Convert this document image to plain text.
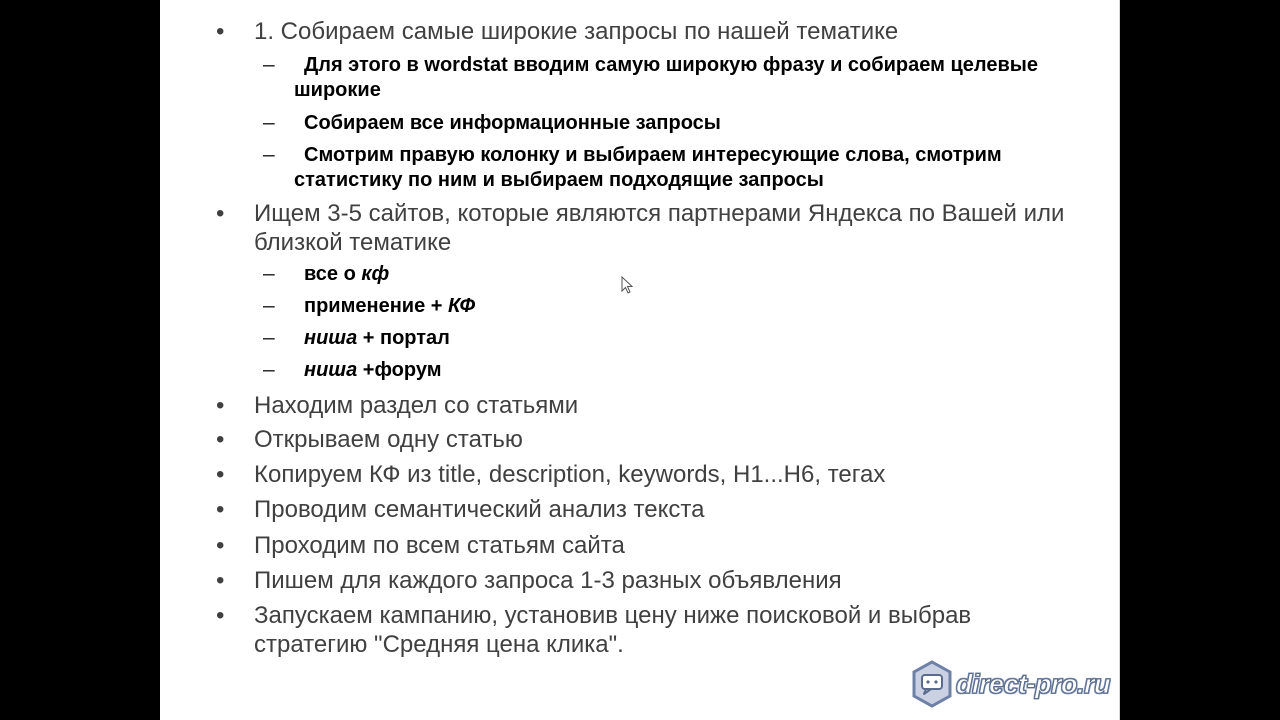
• 1. Собираем самые широкие запросы по нашей тематике
–	Для этого в wordstat вводим самую широкую фразу и собираем целевые широкие
–	Собираем все информационные запросы
–	Смотрим правую колонку и выбираем интересующие слова, смотрим статистику по ним и выбираем подходящие запросы
• Ищем 3-5 сайтов, которые являются партнерами Яндекса по Вашей или близкой тематике
–	все о кф
–	применение + КФ
–	ниша + портал
–	ниша +форум
• Находим раздел со статьями
• Открываем одну статью
• Копируем КФ из title, description, keywords, H1...H6, тегах
• Проводим семантический анализ текста
• Проходим по всем статьям сайта
• Пишем для каждого запроса 1-3 разных объявления
• Запускаем кампанию, установив цену ниже поисковой и выбрав стратегию "Средняя цена клика".
direct-pro.ru
